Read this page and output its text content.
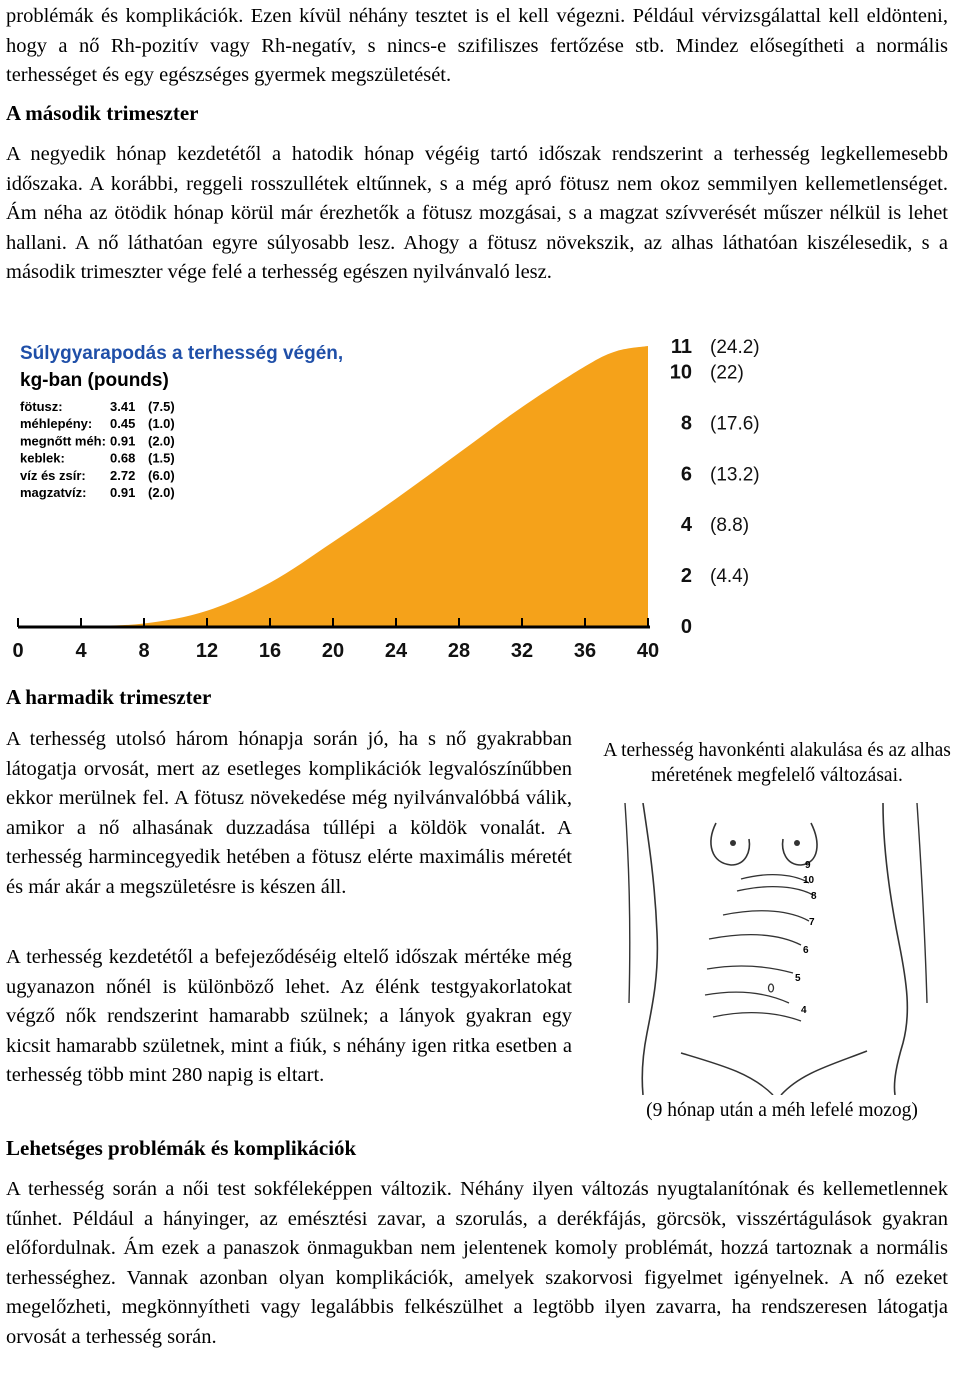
problémák és komplikációk. Ezen kívül néhány tesztet is el kell végezni. Például vérvizsgálattal kell eldönteni, hogy a nő Rh-pozitív vagy Rh-negatív, s nincs-e szifiliszes fertőzése stb. Mindez elősegítheti a normális terhességet és egy egészséges gyermek megszületését.

A második trimeszter

A negyedik hónap kezdetétől a hatodik hónap végéig tartó időszak rendszerint a terhesség legkellemesebb időszaka. A korábbi, reggeli rosszullétek eltűnnek, s a még apró fötusz nem okoz semmilyen kellemetlenséget. Ám néha az ötödik hónap körül már érezhetők a fötusz mozgásai, s a magzat szívverését műszer nélkül is lehet hallani. A nő láthatóan egyre súlyosabb lesz. Ahogy a fötusz növekszik, az alhas láthatóan kiszélesedik, s a második trimeszter vége felé a terhesség egészen nyilvánvaló lesz.

0	4	8 12 16 20 24 28 32 36 40
0
2 (4.4)
4 (8.8)
6 (13.2)
8 (17.6)
10 (22)
11 (24.2)
Súlygyarapodás a terhesség végén,
kg-ban (pounds)
fötusz:	3.41 (7.5)
méhlepény: 0.45 (1.0)
megnőtt méh: 0.91 (2.0)
keblek:	0.68 (1.5)
víz és zsír: 2.72 (6.0)
magzatvíz: 0.91 (2.0)
A harmadik trimeszter

A terhesség utolsó három hónapja során jó, ha s nő gyakrabban látogatja orvosát, mert az esetleges komplikációk legvalószínűbben ekkor merülnek fel. A fötusz növekedése még nyilvánvalóbbá válik, amikor a nő alhasának duzzadása túllépi a köldök vonalát. A terhesség harmincegyedik hetében a fötusz elérte maximális méretét és már akár a megszületésre is készen áll.

A terhesség kezdetétől a befejeződéséig eltelő időszak mértéke még ugyanazon nőnél is különböző lehet. Az élénk testgyakorlatokat végző nők rendszerint hamarabb szülnek; a lányok gyakran egy kicsit hamarabb születnek, mint a fiúk, s néhány igen ritka esetben a terhesség több mint 280 napig is eltart.

A terhesség havonkénti alakulása és az alhas méretének megfelelő változásai.

9
10
8
7
6
5
4

(9 hónap után a méh lefelé mozog)

Lehetséges problémák és komplikációk

A terhesség során a női test sokféleképpen változik. Néhány ilyen változás nyugtalanítónak és kellemetlennek tűnhet. Például a hányinger, az emésztési zavar, a szorulás, a derékfájás, görcsök, visszértágulások gyakran előfordulnak. Ám ezek a panaszok önmagukban nem jelentenek komoly problémát, hozzá tartoznak a normális terhességhez. Vannak azonban olyan komplikációk, amelyek szakorvosi figyelmet igényelnek. A nő ezeket megelőzheti, megkönnyítheti vagy legalábbis felkészülhet a legtöbb ilyen zavarra, ha rendszeresen látogatja orvosát a terhesség során.
